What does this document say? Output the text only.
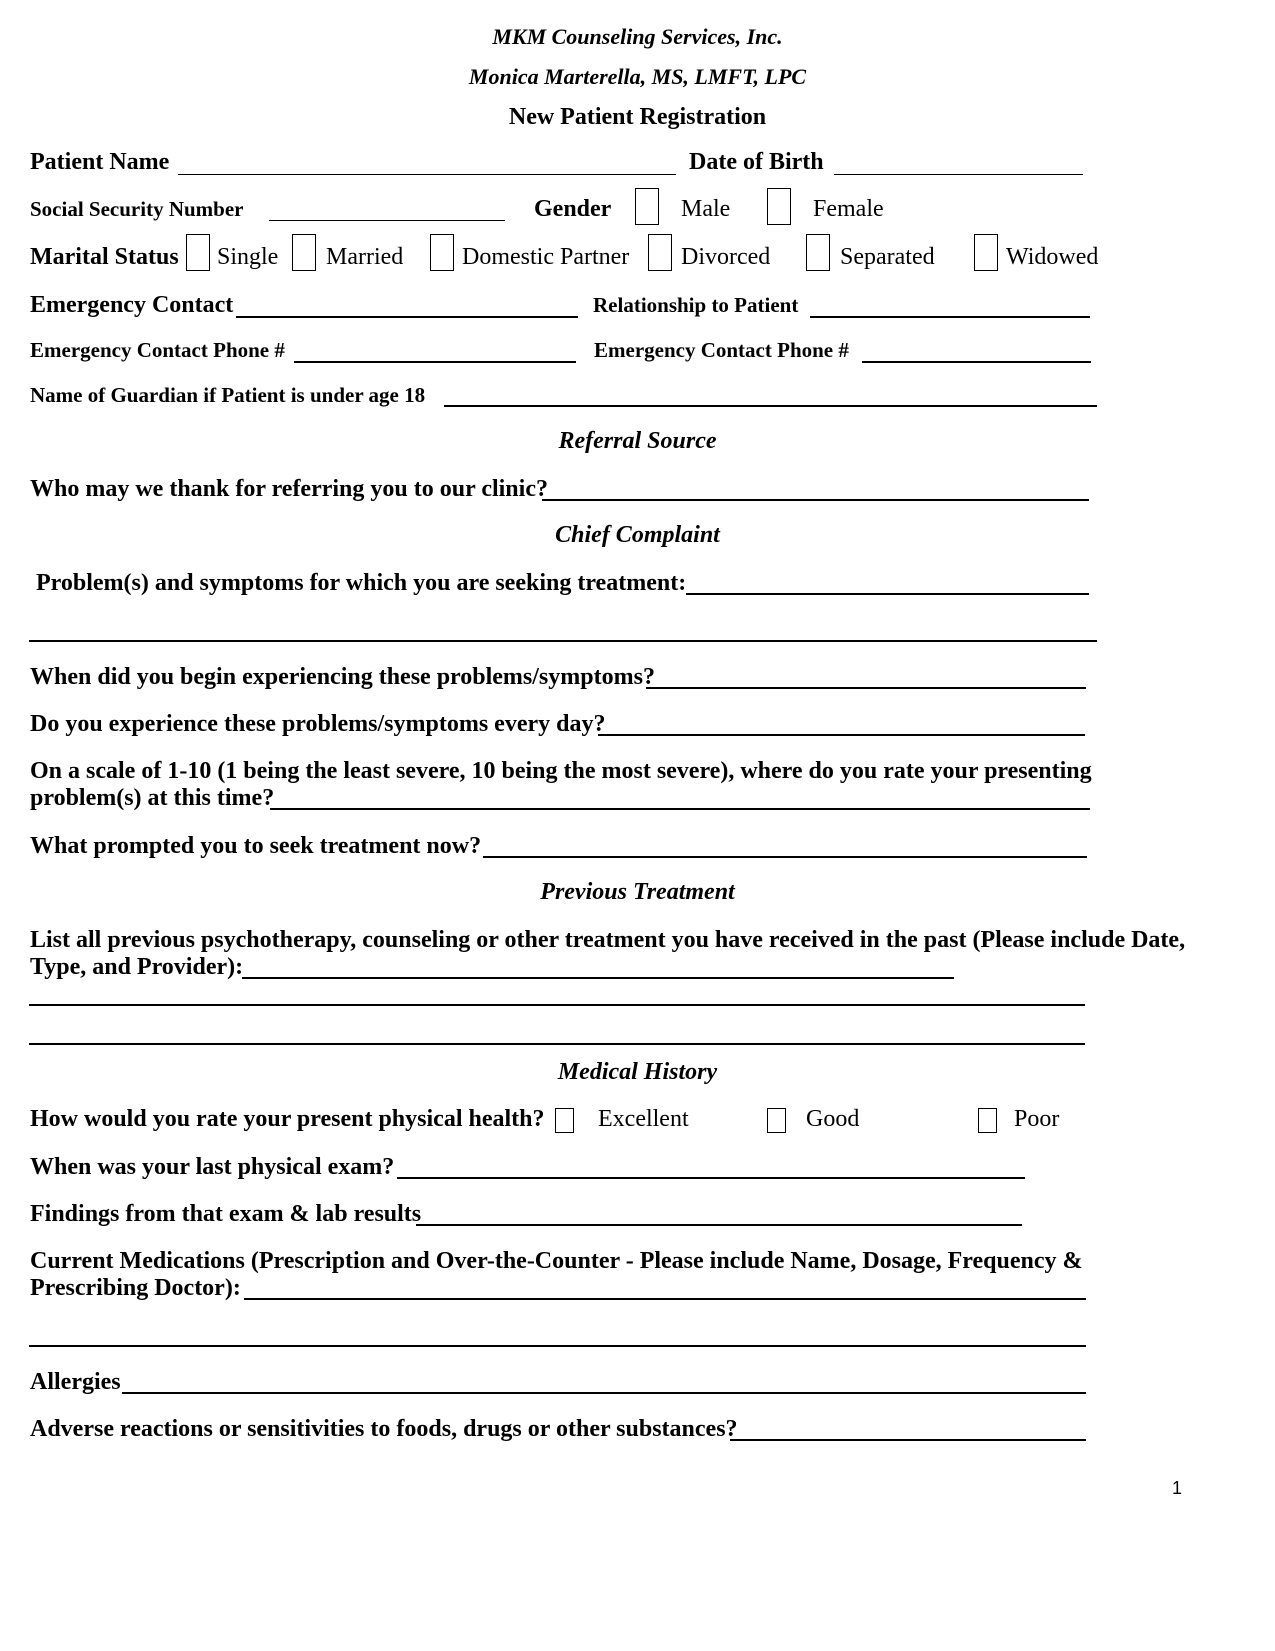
MKM Counseling Services, Inc.
Monica Marterella, MS, LMFT, LPC
New Patient Registration
Patient Name	Date of Birth
Social Security Number	Gender	Male	Female
Marital Status Single Married Domestic Partner Divorced	Separated	Widowed
Emergency Contact	Relationship to Patient
Emergency Contact Phone #	Emergency Contact Phone #
Name of Guardian if Patient is under age 18
Referral Source
Who may we thank for referring you to our clinic?
Chief Complaint
Problem(s) and symptoms for which you are seeking treatment:
When did you begin experiencing these problems/symptoms?
Do you experience these problems/symptoms every day?
On a scale of 1-10 (1 being the least severe, 10 being the most severe), where do you rate your presenting
problem(s) at this time?
What prompted you to seek treatment now?
Previous Treatment
List all previous psychotherapy, counseling or other treatment you have received in the past (Please include Date,
Type, and Provider):
Medical History
How would you rate your present physical health? Excellent	Good	Poor
When was your last physical exam?
Findings from that exam & lab results
Current Medications (Prescription and Over-the-Counter - Please include Name, Dosage, Frequency &
Prescribing Doctor):
Allergies
Adverse reactions or sensitivities to foods, drugs or other substances?
1
